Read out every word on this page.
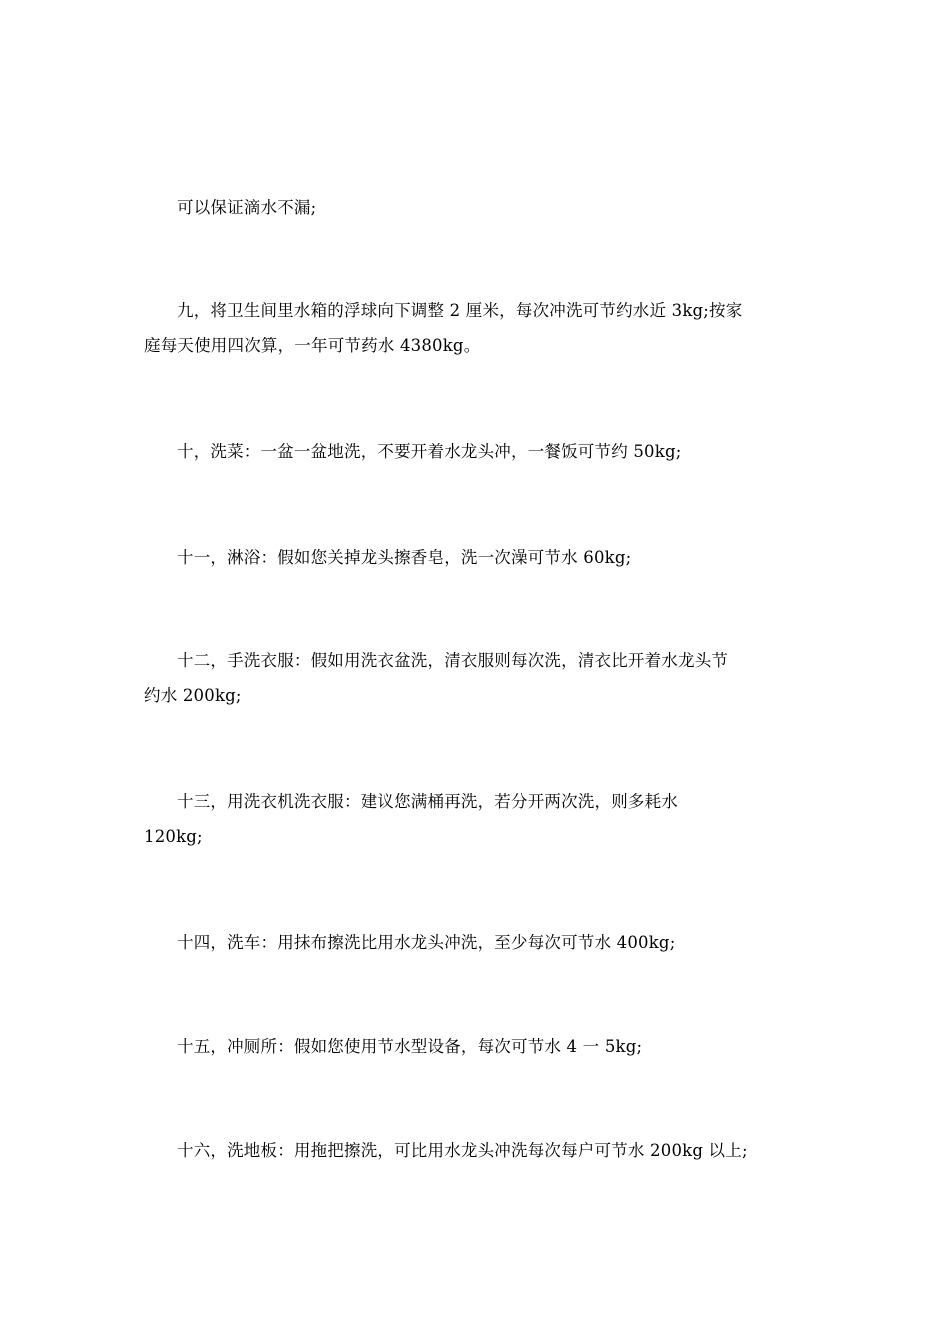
可以保证滴水不漏;

九，将卫生间里水箱的浮球向下调整 2 厘米，每次冲洗可节约水近 3kg;按家
庭每天使用四次算，一年可节药水 4380kg。

十，洗菜：一盆一盆地洗，不要开着水龙头冲，一餐饭可节约 50kg;

十一，淋浴：假如您关掉龙头擦香皂，洗一次澡可节水 60kg;

十二，手洗衣服：假如用洗衣盆洗，清衣服则每次洗，清衣比开着水龙头节
约水 200kg;

十三，用洗衣机洗衣服：建议您满桶再洗，若分开两次洗，则多耗水
120kg;

十四，洗车：用抹布擦洗比用水龙头冲洗，至少每次可节水 400kg;

十五，冲厕所：假如您使用节水型设备，每次可节水 4 一 5kg;

十六，洗地板：用拖把擦洗，可比用水龙头冲洗每次每户可节水 200kg 以上;
